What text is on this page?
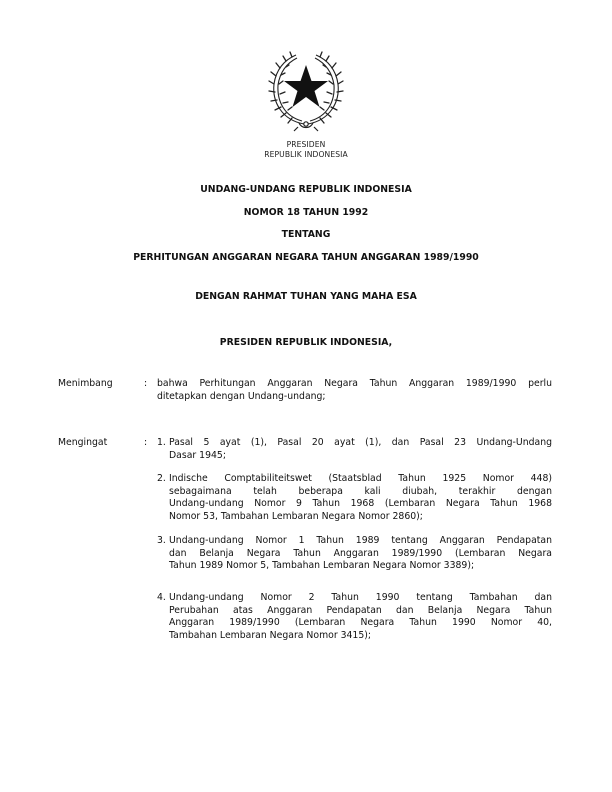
PRESIDEN
REPUBLIK INDONESIA
UNDANG-UNDANG REPUBLIK INDONESIA
NOMOR 18 TAHUN 1992
TENTANG
PERHITUNGAN ANGGARAN NEGARA TAHUN ANGGARAN 1989/1990
DENGAN RAHMAT TUHAN YANG MAHA ESA
PRESIDEN REPUBLIK INDONESIA,
Menimbang	: bahwa Perhitungan Anggaran Negara Tahun Anggaran 1989/1990 perlu
ditetapkan dengan Undang-undang;
Mengingat	: 1. Pasal 5 ayat (1), Pasal 20 ayat (1), dan Pasal 23 Undang-Undang
Dasar 1945;
2. Indische Comptabiliteitswet (Staatsblad Tahun 1925 Nomor 448)
sebagaimana telah beberapa kali diubah, terakhir dengan
Undang-undang Nomor 9 Tahun 1968 (Lembaran Negara Tahun 1968
Nomor 53, Tambahan Lembaran Negara Nomor 2860);
3. Undang-undang Nomor 1 Tahun 1989 tentang Anggaran Pendapatan
dan Belanja Negara Tahun Anggaran 1989/1990 (Lembaran Negara
Tahun 1989 Nomor 5, Tambahan Lembaran Negara Nomor 3389);
4. Undang-undang Nomor 2 Tahun 1990 tentang Tambahan dan
Perubahan atas Anggaran Pendapatan dan Belanja Negara Tahun
Anggaran 1989/1990 (Lembaran Negara Tahun 1990 Nomor 40,
Tambahan Lembaran Negara Nomor 3415);
